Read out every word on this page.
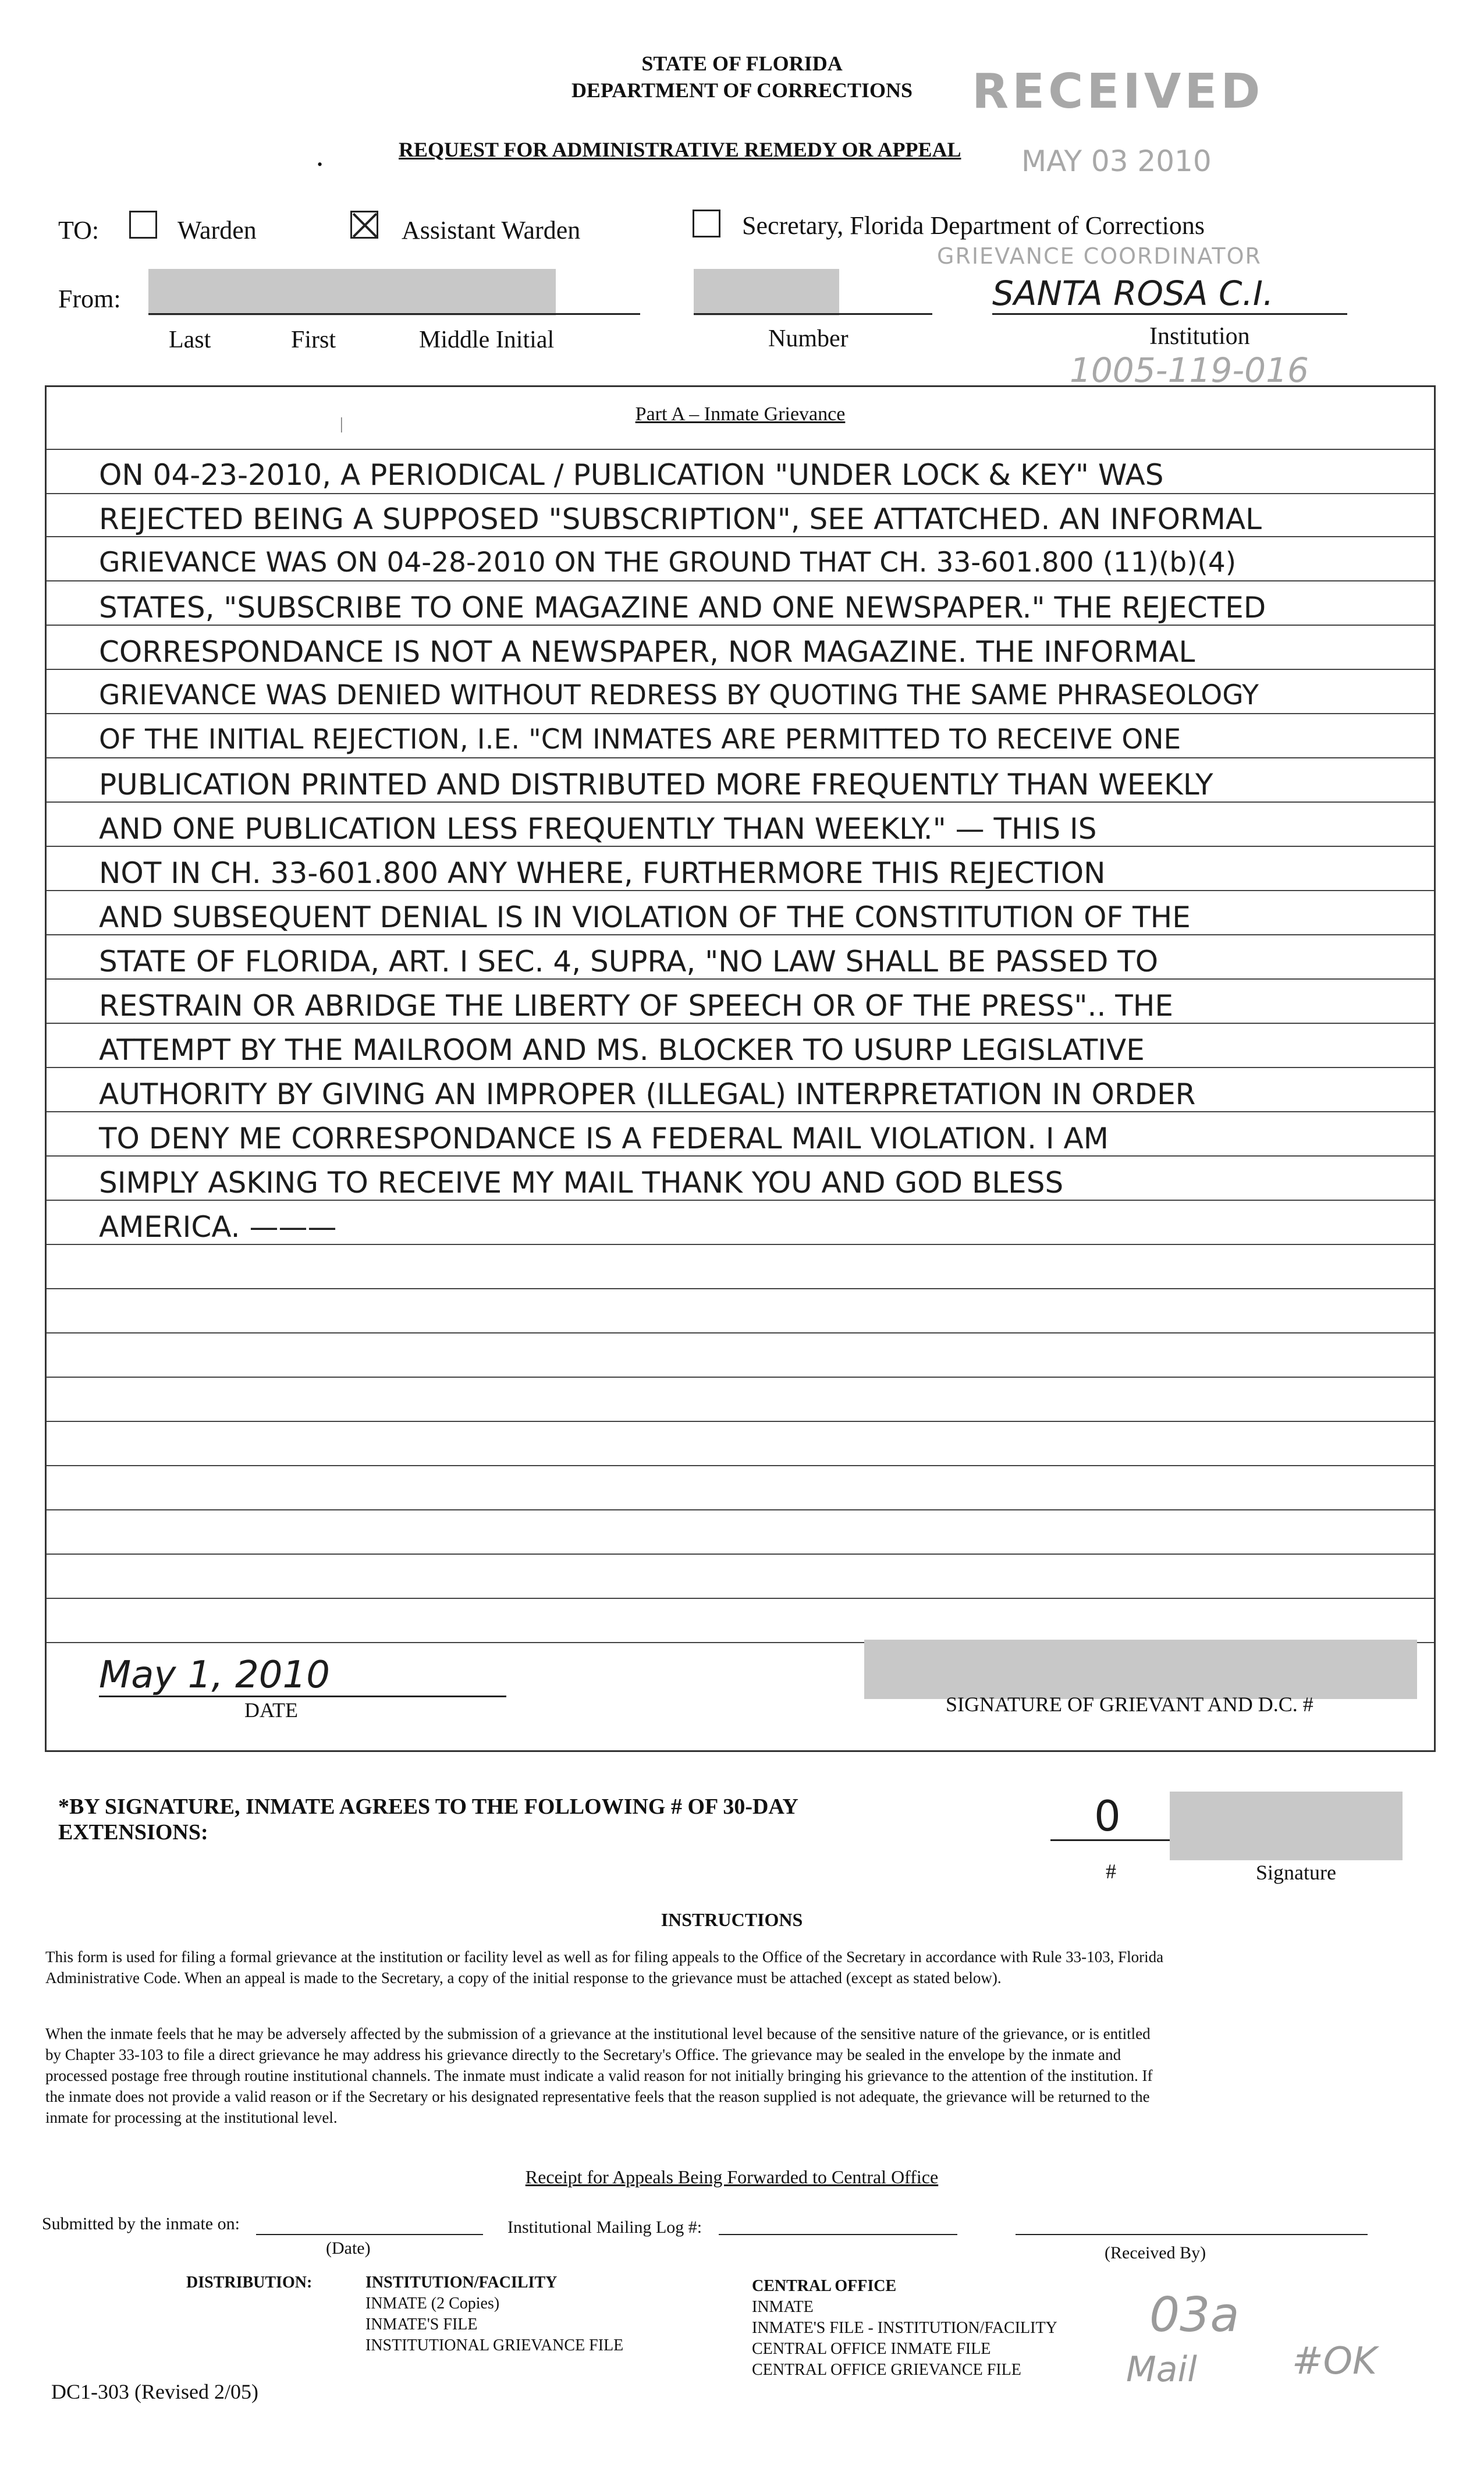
STATE OF FLORIDA
DEPARTMENT OF CORRECTIONS
REQUEST FOR ADMINISTRATIVE REMEDY OR APPEAL
•
RECEIVED
MAY 03 2010
GRIEVANCE COORDINATOR
TO:	Warden	Assistant Warden	Secretary, Florida Department of Corrections
From:	SANTA ROSA C.I.
Last	First	Middle Initial	Number	Institution
1005-119-016
Part A – Inmate Grievance
|
ON 04-23-2010, A PERIODICAL / PUBLICATION "UNDER LOCK & KEY" WAS
REJECTED BEING A SUPPOSED "SUBSCRIPTION", SEE ATTATCHED. AN INFORMAL
GRIEVANCE WAS ON 04-28-2010 ON THE GROUND THAT CH. 33-601.800 (11)(b)(4)
STATES, "SUBSCRIBE TO ONE MAGAZINE AND ONE NEWSPAPER." THE REJECTED
CORRESPONDANCE IS NOT A NEWSPAPER, NOR MAGAZINE. THE INFORMAL
GRIEVANCE WAS DENIED WITHOUT REDRESS BY QUOTING THE SAME PHRASEOLOGY
OF THE INITIAL REJECTION, I.E. "CM INMATES ARE PERMITTED TO RECEIVE ONE
PUBLICATION PRINTED AND DISTRIBUTED MORE FREQUENTLY THAN WEEKLY
AND ONE PUBLICATION LESS FREQUENTLY THAN WEEKLY." — THIS IS
NOT IN CH. 33-601.800 ANY WHERE, FURTHERMORE THIS REJECTION
AND SUBSEQUENT DENIAL IS IN VIOLATION OF THE CONSTITUTION OF THE
STATE OF FLORIDA, ART. I SEC. 4, SUPRA, "NO LAW SHALL BE PASSED TO
RESTRAIN OR ABRIDGE THE LIBERTY OF SPEECH OR OF THE PRESS".. THE
ATTEMPT BY THE MAILROOM AND MS. BLOCKER TO USURP LEGISLATIVE
AUTHORITY BY GIVING AN IMPROPER (ILLEGAL) INTERPRETATION IN ORDER
TO DENY ME CORRESPONDANCE IS A FEDERAL MAIL VIOLATION. I AM
SIMPLY ASKING TO RECEIVE MY MAIL THANK YOU AND GOD BLESS
AMERICA. ———
May 1, 2010
DATE	SIGNATURE OF GRIEVANT AND D.C. #
*BY SIGNATURE, INMATE AGREES TO THE FOLLOWING # OF 30-DAY
EXTENSIONS:	0
#	Signature
INSTRUCTIONS
This form is used for filing a formal grievance at the institution or facility level as well as for filing appeals to the Office of the Secretary in accordance with Rule 33-103, Florida
Administrative Code. When an appeal is made to the Secretary, a copy of the initial response to the grievance must be attached (except as stated below).
When the inmate feels that he may be adversely affected by the submission of a grievance at the institutional level because of the sensitive nature of the grievance, or is entitled
by Chapter 33-103 to file a direct grievance he may address his grievance directly to the Secretary's Office. The grievance may be sealed in the envelope by the inmate and
processed postage free through routine institutional channels. The inmate must indicate a valid reason for not initially bringing his grievance to the attention of the institution. If
the inmate does not provide a valid reason or if the Secretary or his designated representative feels that the reason supplied is not adequate, the grievance will be returned to the
inmate for processing at the institutional level.
Receipt for Appeals Being Forwarded to Central Office
Submitted by the inmate on:
(Date)
Institutional Mailing Log #:
(Received By)
DISTRIBUTION:	INSTITUTION/FACILITY
INMATE (2 Copies)
INMATE'S FILE
INSTITUTIONAL GRIEVANCE FILE
CENTRAL OFFICE
INMATE
INMATE'S FILE - INSTITUTION/FACILITY
CENTRAL OFFICE INMATE FILE
CENTRAL OFFICE GRIEVANCE FILE
03a
Mail	#OK
DC1-303 (Revised 2/05)
